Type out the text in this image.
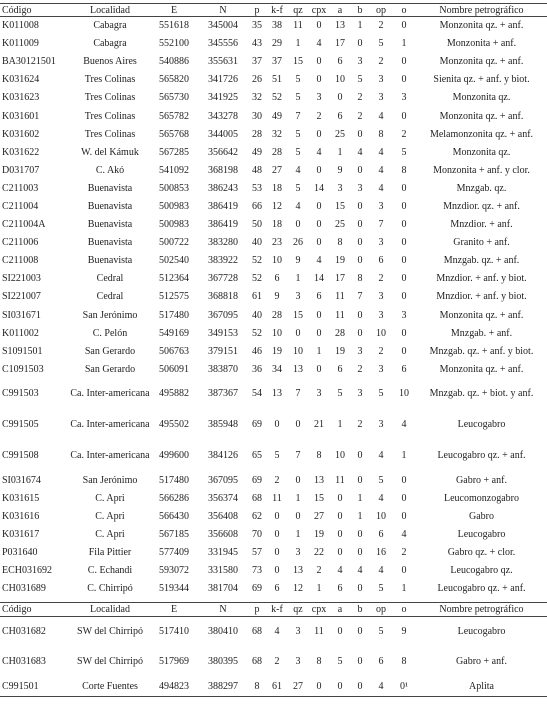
Código	Localidad	E	N	p	k-f	qz	cpx	a	b	op	o	Nombre petrográfico
K011008	Cabagra	551618	345004	35	38	11	0	13	1	2	0	Monzonita qz. + anf.
K011009	Cabagra	552100	345556	43	29	1	4	17	0	5	1	Monzonita + anf.
BA30121501	Buenos Aires	540886	355631	37	37	15	0	6	3	2	0	Monzonita qz. + anf.
K031624	Tres Colinas	565820	341726	26	51	5	0	10	5	3	0	Sienita qz. + anf. y biot.
K031623	Tres Colinas	565730	341925	32	52	5	3	0	2	3	3	Monzonita qz.
K031601	Tres Colinas	565782	343278	30	49	7	2	6	2	4	0	Monzonita qz. + anf.
K031602	Tres Colinas	565768	344005	28	32	5	0	25	0	8	2	Melamonzonita qz. + anf.
K031622	W. del Kámuk	567285	356642	49	28	5	4	1	4	4	5	Monzonita qz.
D031707	C. Akó	541092	368198	48	27	4	0	9	0	4	8	Monzonita + anf. y clor.
C211003	Buenavista	500853	386243	53	18	5	14	3	3	4	0	Mnzgab. qz.
C211004	Buenavista	500983	386419	66	12	4	0	15	0	3	0	Mnzdior. qz. + anf.
C211004A	Buenavista	500983	386419	50	18	0	0	25	0	7	0	Mnzdior. + anf.
C211006	Buenavista	500722	383280	40	23	26	0	8	0	3	0	Granito + anf.
C211008	Buenavista	502540	383922	52	10	9	4	19	0	6	0	Mnzgab. qz. + anf.
SI221003	Cedral	512364	367728	52	6	1	14	17	8	2	0	Mnzdior. + anf. y biot.
SI221007	Cedral	512575	368818	61	9	3	6	11	7	3	0	Mnzdior. + anf. y biot.
SI031671	San Jerónimo	517480	367095	40	28	15	0	11	0	3	3	Monzonita qz. + anf.
K011002	C. Pelón	549169	349153	52	10	0	0	28	0	10	0	Mnzgab. + anf.
S1091501	San Gerardo	506763	379151	46	19	10	1	19	3	2	0	Mnzgab. qz. + anf. y biot.
C1091503	San Gerardo	506091	383870	36	34	13	0	6	2	3	6	Monzonita qz. + anf.
C991503	Ca. Inter-americana	495882	387367	54	13	7	3	5	3	5	10	Mnzgab. qz. + biot. y anf.
C991505	Ca. Inter-americana	495502	385948	69	0	0	21	1	2	3	4	Leucogabro
C991508	Ca. Inter-americana	499600	384126	65	5	7	8	10	0	4	1	Leucogabro qz. + anf.
SI031674	San Jerónimo	517480	367095	69	2	0	13	11	0	5	0	Gabro + anf.
K031615	C. Apri	566286	356374	68	11	1	15	0	1	4	0	Leucomonzogabro
K031616	C. Apri	566430	356408	62	0	0	27	0	1	10	0	Gabro
K031617	C. Apri	567185	356608	70	0	1	19	0	0	6	4	Leucogabro
P031640	Fila Pittier	577409	331945	57	0	3	22	0	0	16	2	Gabro qz. + clor.
ECH031692	C. Echandi	593072	331580	73	0	13	2	4	4	4	0	Leucogabro qz.
CH031689	C. Chirripó	519344	381704	69	6	12	1	6	0	5	1	Leucogabro qz. + anf.
Código	Localidad	E	N	p	k-f	qz	cpx	a	b	op	o	Nombre petrográfico
CH031682	SW del Chirripó	517410	380410	68	4	3	11	0	0	5	9	Leucogabro
CH031683	SW del Chirripó	517969	380395	68	2	3	8	5	0	6	8	Gabro + anf.
C991501	Corte Fuentes	494823	388297	8	61	27	0	0	0	4	0¹	Aplita
